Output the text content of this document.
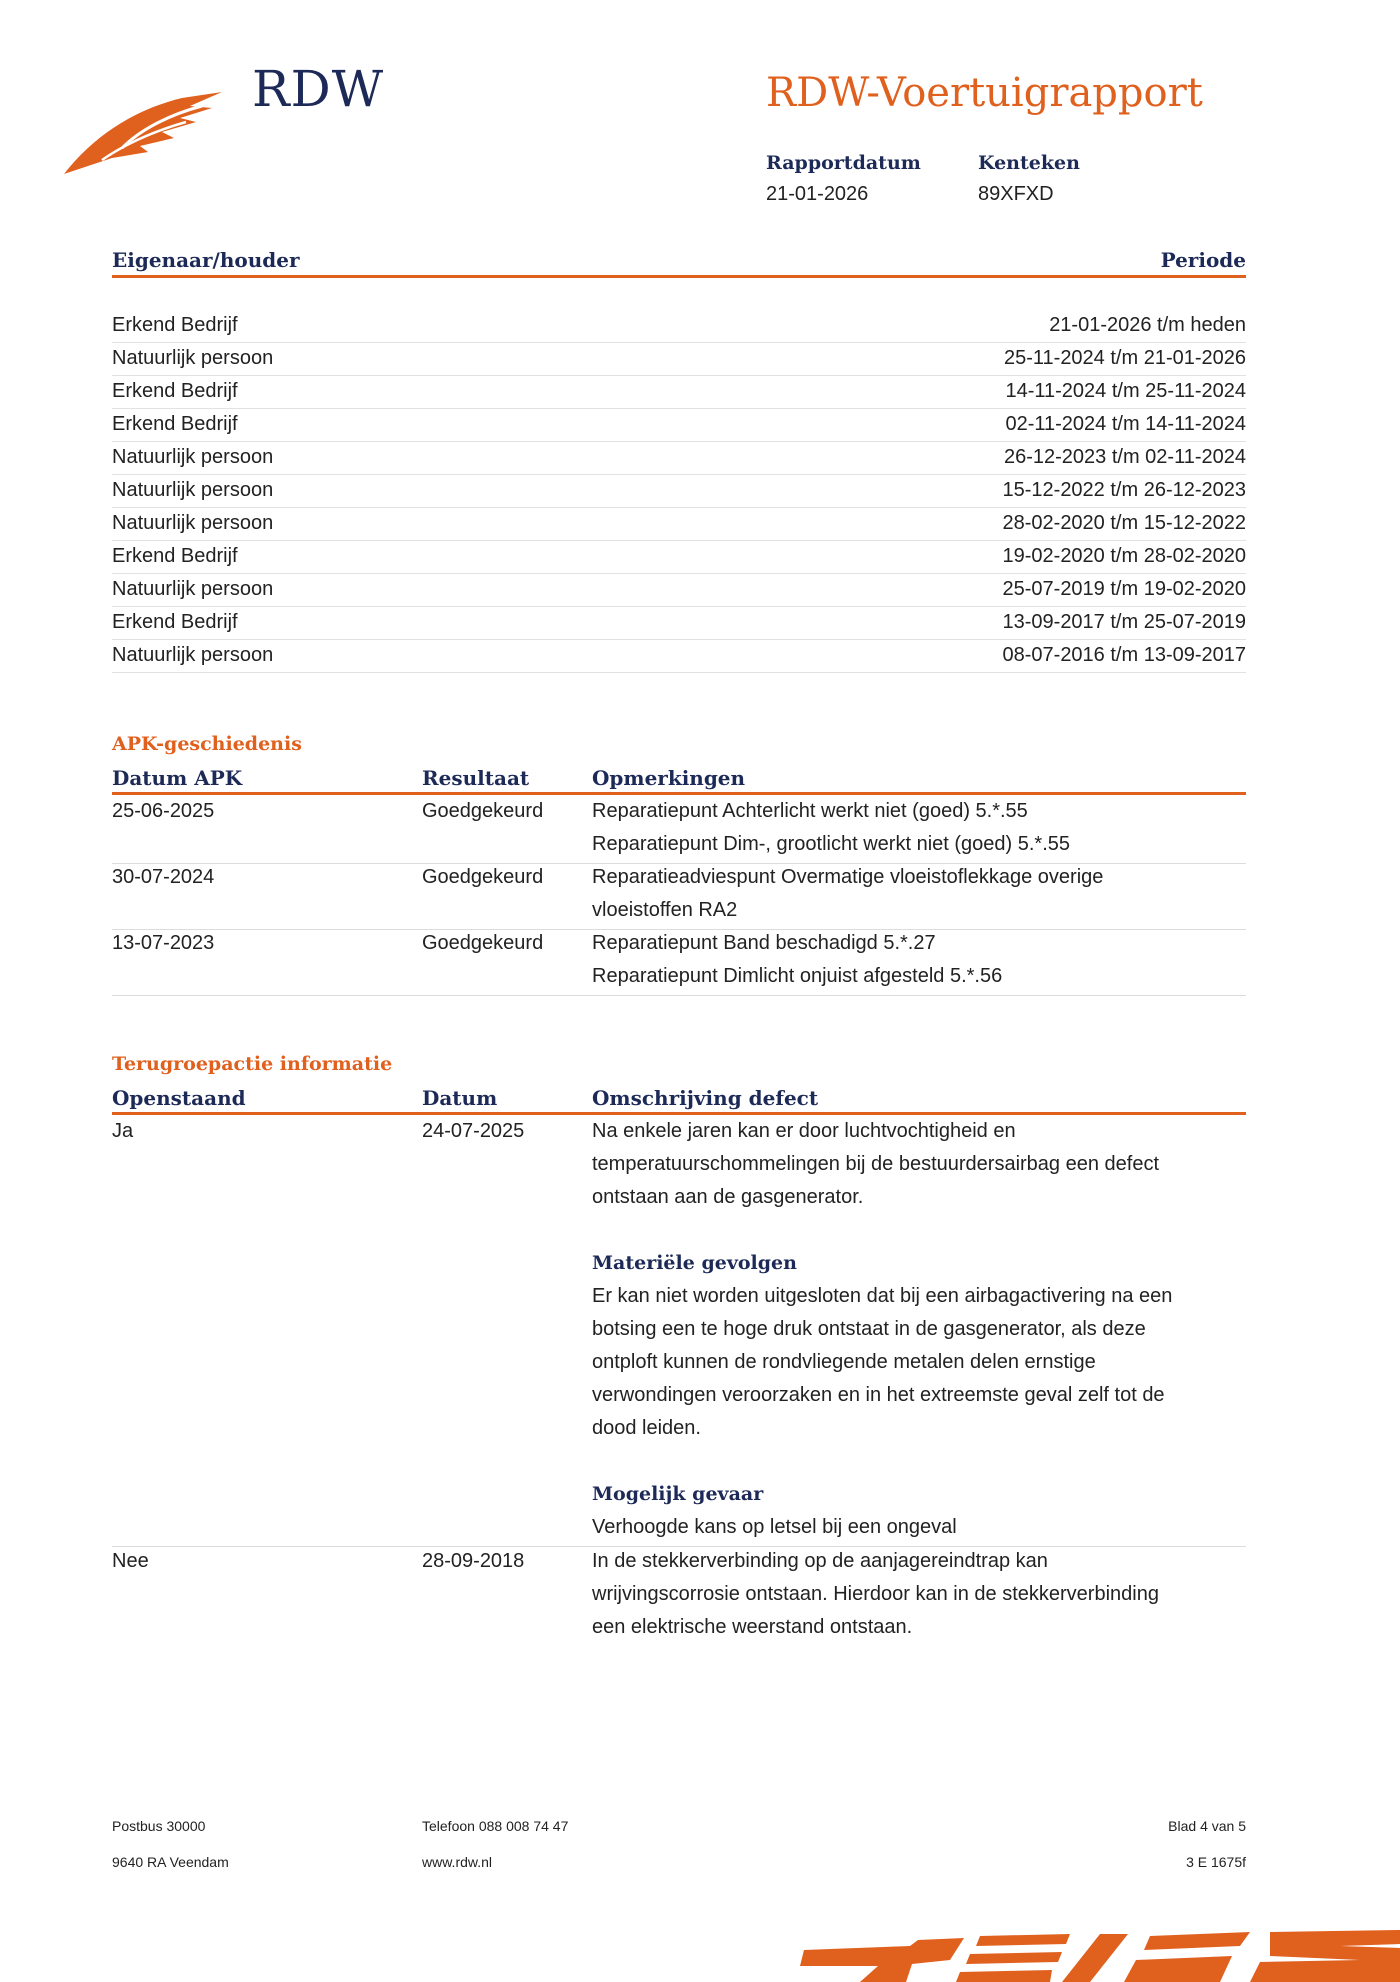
RDW	RDW-Voertuigrapport
Rapportdatum
21-01-2026
Kenteken
89XFXD
Eigenaar/houder	Periode
Erkend Bedrijf	21-01-2026 t/m heden
Natuurlijk persoon	25-11-2024 t/m 21-01-2026
Erkend Bedrijf	14-11-2024 t/m 25-11-2024
Erkend Bedrijf	02-11-2024 t/m 14-11-2024
Natuurlijk persoon	26-12-2023 t/m 02-11-2024
Natuurlijk persoon	15-12-2022 t/m 26-12-2023
Natuurlijk persoon	28-02-2020 t/m 15-12-2022
Erkend Bedrijf	19-02-2020 t/m 28-02-2020
Natuurlijk persoon	25-07-2019 t/m 19-02-2020
Erkend Bedrijf	13-09-2017 t/m 25-07-2019
Natuurlijk persoon	08-07-2016 t/m 13-09-2017
APK-geschiedenis
Datum APK	Resultaat	Opmerkingen
25-06-2025	Goedgekeurd Reparatiepunt Achterlicht werkt niet (goed) 5.*.55
Reparatiepunt Dim-, grootlicht werkt niet (goed) 5.*.55
30-07-2024	Goedgekeurd Reparatieadviespunt Overmatige vloeistoflekkage overige
vloeistoffen RA2
13-07-2023	Goedgekeurd Reparatiepunt Band beschadigd 5.*.27
Reparatiepunt Dimlicht onjuist afgesteld 5.*.56
Terugroepactie informatie
Openstaand	Datum	Omschrijving defect
Ja	24-07-2025	Na enkele jaren kan er door luchtvochtigheid en
temperatuurschommelingen bij de bestuurdersairbag een defect
ontstaan aan de gasgenerator.
Materiële gevolgen
Er kan niet worden uitgesloten dat bij een airbagactivering na een
botsing een te hoge druk ontstaat in de gasgenerator, als deze
ontploft kunnen de rondvliegende metalen delen ernstige
verwondingen veroorzaken en in het extreemste geval zelf tot de
dood leiden.
Mogelijk gevaar
Verhoogde kans op letsel bij een ongeval
Nee	28-09-2018	In de stekkerverbinding op de aanjagereindtrap kan
wrijvingscorrosie ontstaan. Hierdoor kan in de stekkerverbinding
een elektrische weerstand ontstaan.
Postbus 30000
9640 RA Veendam
Telefoon 088 008 74 47
www.rdw.nl
Blad 4 van 5
3 E 1675f
